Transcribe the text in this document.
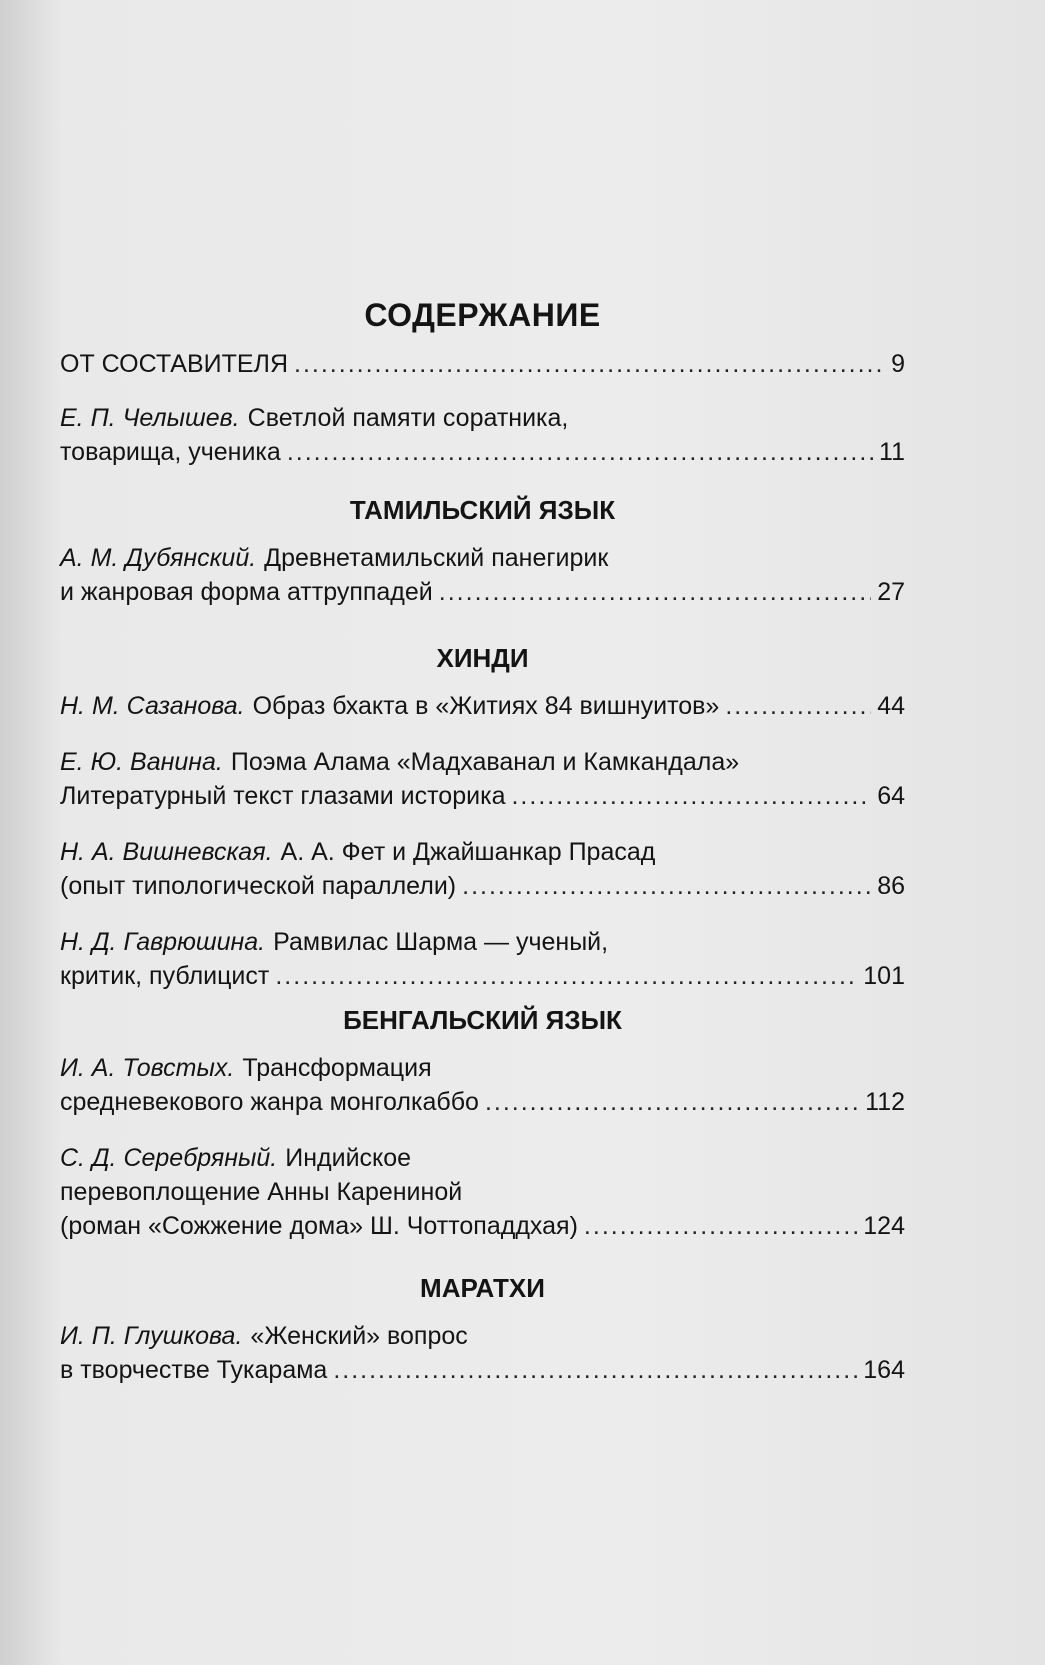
СОДЕРЖАНИЕ
ОТ СОСТАВИТЕЛЯ .....	9
Е. П. Челышев. Светлой памяти соратника,
товарища, ученика .....	11
ТАМИЛЬСКИЙ ЯЗЫК
А. М. Дубянский. Древнетамильский панегирик
и жанровая форма аттруппадей .....	27
ХИНДИ
Н. М. Сазанова. Образ бхакта в «Житиях 84 вишнуитов» .....	44
Е. Ю. Ванина. Поэма Алама «Мадхаванал и Камкандала»
Литературный текст глазами историка .....	64
Н. А. Вишневская. А. А. Фет и Джайшанкар Прасад
(опыт типологической параллели) .....	86
Н. Д. Гаврюшина. Рамвилас Шарма — ученый,
критик, публицист .....	101
БЕНГАЛЬСКИЙ ЯЗЫК
И. А. Товстых. Трансформация
средневекового жанра монголкаббо .....	112
С. Д. Серебряный. Индийское
перевоплощение Анны Карениной
(роман «Сожжение дома» Ш. Чоттопаддхая) .....	124
МАРАТХИ
И. П. Глушкова. «Женский» вопрос
в творчестве Тукарама .....	164
